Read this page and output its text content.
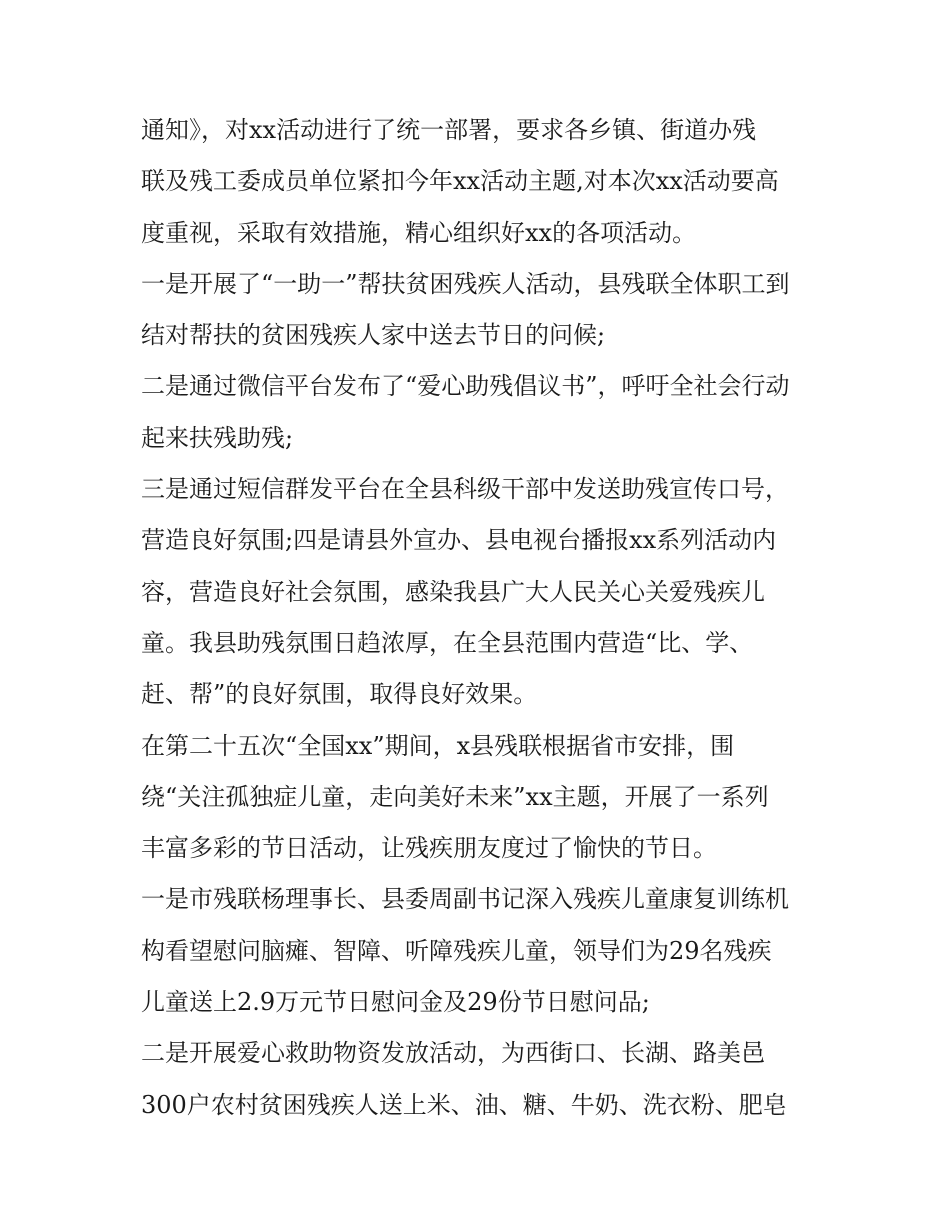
通知》，对xx活动进行了统一部署，要求各乡镇、街道办残
联及残工委成员单位紧扣今年xx活动主题,对本次xx活动要高
度重视，采取有效措施，精心组织好xx的各项活动。
一是开展了“一助一”帮扶贫困残疾人活动，县残联全体职工到
结对帮扶的贫困残疾人家中送去节日的问候;
二是通过微信平台发布了“爱心助残倡议书”，呼吁全社会行动
起来扶残助残;
三是通过短信群发平台在全县科级干部中发送助残宣传口号，
营造良好氛围;四是请县外宣办、县电视台播报xx系列活动内
容，营造良好社会氛围，感染我县广大人民关心关爱残疾儿
童。我县助残氛围日趋浓厚，在全县范围内营造“比、学、
赶、帮”的良好氛围，取得良好效果。
在第二十五次“全国xx”期间，x县残联根据省市安排，围
绕“关注孤独症儿童，走向美好未来”xx主题，开展了一系列
丰富多彩的节日活动，让残疾朋友度过了愉快的节日。
一是市残联杨理事长、县委周副书记深入残疾儿童康复训练机
构看望慰问脑瘫、智障、听障残疾儿童，领导们为29名残疾
儿童送上2.9万元节日慰问金及29份节日慰问品;
二是开展爱心救助物资发放活动，为西街口、长湖、路美邑
300户农村贫困残疾人送上米、油、糖、牛奶、洗衣粉、肥皂
